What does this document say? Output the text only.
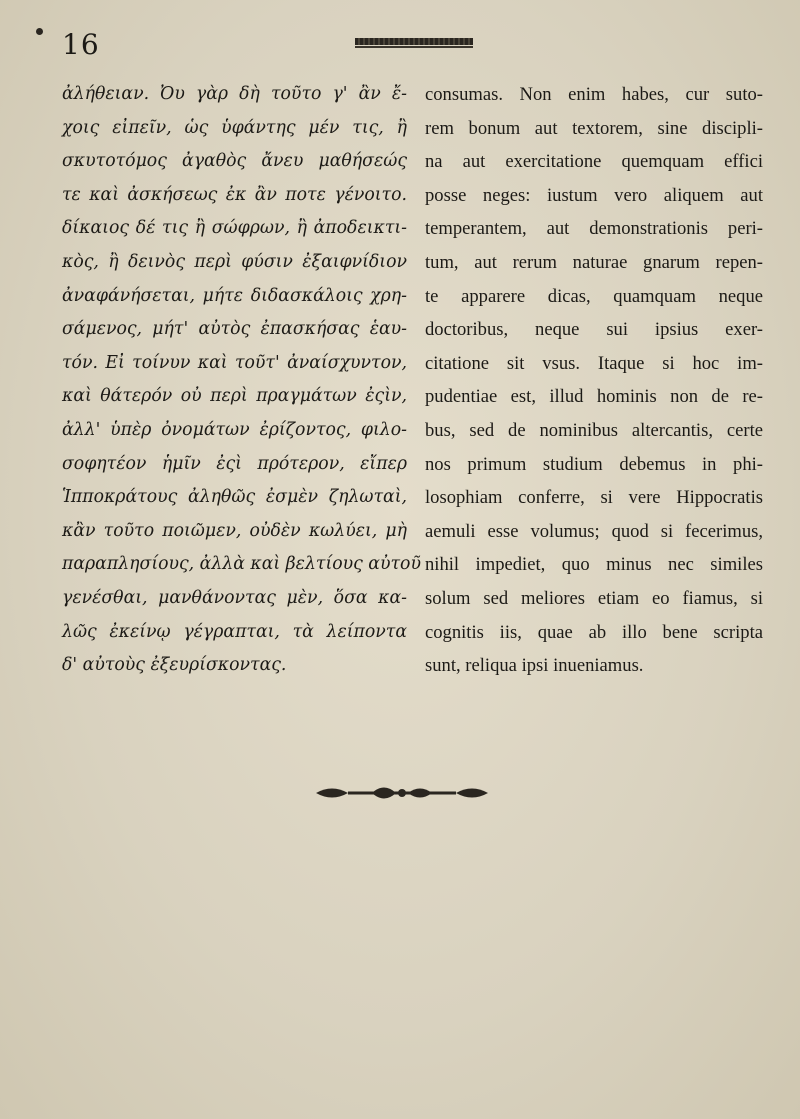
16
ἀλήθειαν. Ὀυ γὰρ δὴ τοῦτο γ' ἂν ἔ-
χοις εἰπεῖν, ὡς ὑφάντης μέν τις, ἢ
σκυτοτόμος ἀγαθὸς ἄνευ μαθήσεώς
τε καὶ ἀσκήσεως ἐκ ἂν ποτε γένοιτο.
δίκαιος δέ τις ἢ σώφρων, ἢ ἀποδεικτι-
κὸς, ἢ δεινὸς περὶ φύσιν ἐξαιφνίδιον
ἀναφάνήσεται, μήτε διδασκάλοις χρη-
σάμενος, μήτ' αὐτὸς ἐπασκήσας ἑαυ-
τόν. Εἰ τοίνυν καὶ τοῦτ' ἀναίσχυντον,
καὶ θάτερόν οὐ περὶ πραγμάτων ἐςὶν,
ἀλλ' ὑπὲρ ὀνομάτων ἐρίζοντος, φιλο-
σοφητέον ἡμῖν ἐςὶ πρότερον, εἴπερ
Ἱπποκράτους ἀληθῶς ἐσμὲν ζηλωταὶ,
κἂν τοῦτο ποιῶμεν, οὐδὲν κωλύει, μὴ
παραπλησίους, ἀλλὰ καὶ βελτίους αὐτοῦ
γενέσθαι, μανθάνοντας μὲν, ὅσα κα-
λῶς ἐκείνῳ γέγραπται, τὰ λείποντα
δ' αὐτοὺς ἐξευρίσκοντας.
consumas. Non enim habes, cur suto-
rem bonum aut textorem, sine discipli-
na aut exercitatione quemquam effici
posse neges: iustum vero aliquem aut
temperantem, aut demonstrationis peri-
tum, aut rerum naturae gnarum repen-
te apparere dicas, quamquam neque
doctoribus, neque sui ipsius exer-
citatione sit vsus. Itaque si hoc im-
pudentiae est, illud hominis non de re-
bus, sed de nominibus altercantis, certe
nos primum studium debemus in phi-
losophiam conferre, si vere Hippocratis
aemuli esse volumus; quod si fecerimus,
nihil impediet, quo minus nec similes
solum sed meliores etiam eo fiamus, si
cognitis iis, quae ab illo bene scripta
sunt, reliqua ipsi inueniamus.
